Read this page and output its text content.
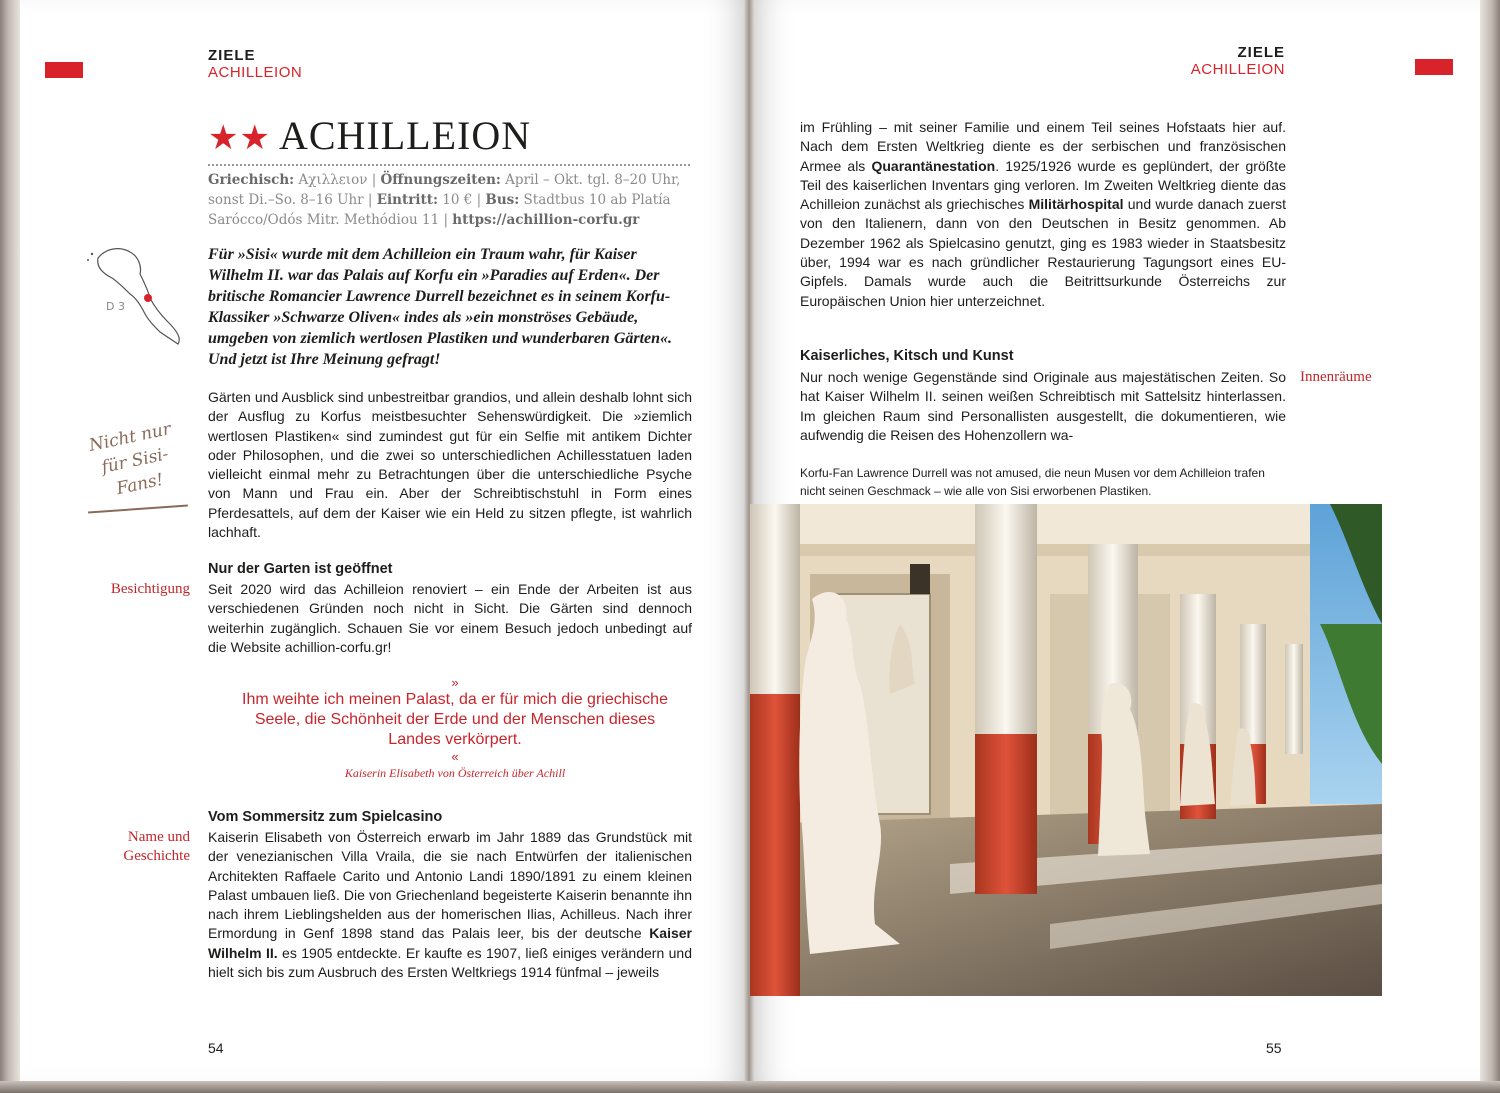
ZIELE
ACHILLEION
★★ ACHILLEION
Griechisch: Αχιλλειον | Öffnungszeiten: April – Okt. tgl. 8–20 Uhr,
sonst Di.–So. 8–16 Uhr | Eintritt: 10 € | Bus: Stadtbus 10 ab Platía
Sarócco/Odós Mitr. Methódiou 11 | https://achillion-corfu.gr
D 3
Für »Sisi« wurde mit dem Achilleion ein Traum wahr, für Kaiser Wilhelm II. war das Palais auf Korfu ein »Paradies auf Erden«. Der britische Romancier Lawrence Durrell bezeichnet es in seinem Korfu-Klassiker »Schwarze Oliven« indes als »ein monströses Gebäude, umgeben von ziemlich wertlosen Plastiken und wunderbaren Gärten«. Und jetzt ist Ihre Meinung gefragt!
Nicht nur für Sisi-Fans!
Gärten und Ausblick sind unbestreitbar grandios, und allein deshalb lohnt sich der Ausflug zu Korfus meistbesuchter Sehenswürdigkeit. Die »ziemlich wertlosen Plastiken« sind zumindest gut für ein Selfie mit antikem Dichter oder Philosophen, und die zwei so unterschiedlichen Achillesstatuen laden vielleicht einmal mehr zu Betrachtungen über die unterschiedliche Psyche von Mann und Frau ein. Aber der Schreibtischstuhl in Form eines Pferdesattels, auf dem der Kaiser wie ein Held zu sitzen pflegte, ist wahrlich lachhaft.
Nur der Garten ist geöffnet
Besichtigung Seit 2020 wird das Achilleion renoviert – ein Ende der Arbeiten ist aus verschiedenen Gründen noch nicht in Sicht. Die Gärten sind dennoch weiterhin zugänglich. Schauen Sie vor einem Besuch jedoch unbedingt auf die Website achillion-corfu.gr!
»
Ihm weihte ich meinen Palast, da er für mich die griechische Seele, die Schönheit der Erde und der Menschen dieses Landes verkörpert.
«
Kaiserin Elisabeth von Österreich über Achill
Vom Sommersitz zum Spielcasino
Name und
Geschichte
Kaiserin Elisabeth von Österreich erwarb im Jahr 1889 das Grundstück mit der venezianischen Villa Vraila, die sie nach Entwürfen der italienischen Architekten Raffaele Carito und Antonio Landi 1890/1891 zu einem kleinen Palast umbauen ließ. Die von Griechenland begeisterte Kaiserin benannte ihn nach ihrem Lieblingshelden aus der homerischen Ilias, Achilleus. Nach ihrer Ermordung in Genf 1898 stand das Palais leer, bis der deutsche Kaiser Wilhelm II. es 1905 entdeckte. Er kaufte es 1907, ließ einiges verändern und hielt sich bis zum Ausbruch des Ersten Weltkriegs 1914 fünfmal – jeweils
54
ZIELE
ACHILLEION
im Frühling – mit seiner Familie und einem Teil seines Hofstaats hier auf. Nach dem Ersten Weltkrieg diente es der serbischen und französischen Armee als Quarantänestation. 1925/1926 wurde es geplündert, der größte Teil des kaiserlichen Inventars ging verloren. Im Zweiten Weltkrieg diente das Achilleion zunächst als griechisches Militärhospital und wurde danach zuerst von den Italienern, dann von den Deutschen in Besitz genommen. Ab Dezember 1962 als Spielcasino genutzt, ging es 1983 wieder in Staatsbesitz über, 1994 war es nach gründlicher Restaurierung Tagungsort eines EU-Gipfels. Damals wurde auch die Beitrittsurkunde Österreichs zur Europäischen Union hier unterzeichnet.
Kaiserliches, Kitsch und Kunst
Innenräume
Nur noch wenige Gegenstände sind Originale aus majestätischen Zeiten. So hat Kaiser Wilhelm II. seinen weißen Schreibtisch mit Sattelsitz hinterlassen. Im gleichen Raum sind Personallisten ausgestellt, die dokumentieren, wie aufwendig die Reisen des Hohenzollern wa-
Korfu-Fan Lawrence Durrell was not amused, die neun Musen vor dem Achilleion trafen nicht seinen Geschmack – wie alle von Sisi erworbenen Plastiken.
55
